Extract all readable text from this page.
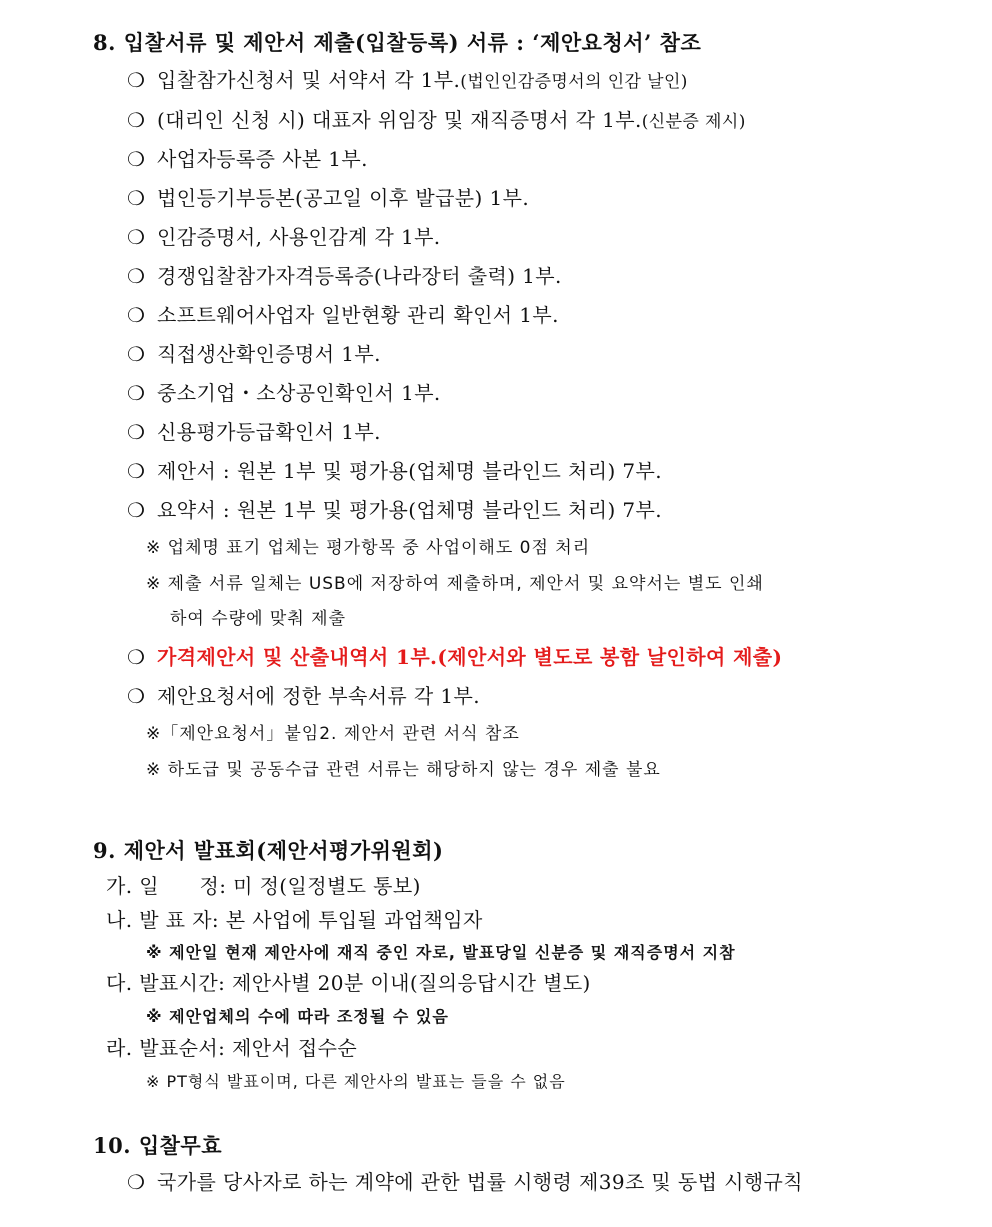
8. 입찰서류 및 제안서 제출(입찰등록) 서류 : ‘제안요청서’ 참조
❍ 입찰참가신청서 및 서약서 각 1부.(법인인감증명서의 인감 날인)
❍ (대리인 신청 시) 대표자 위임장 및 재직증명서 각 1부.(신분증 제시)
❍ 사업자등록증 사본 1부.
❍ 법인등기부등본(공고일 이후 발급분) 1부.
❍ 인감증명서, 사용인감계 각 1부.
❍ 경쟁입찰참가자격등록증(나라장터 출력) 1부.
❍ 소프트웨어사업자 일반현황 관리 확인서 1부.
❍ 직접생산확인증명서 1부.
❍ 중소기업・소상공인확인서 1부.
❍ 신용평가등급확인서 1부.
❍ 제안서 : 원본 1부 및 평가용(업체명 블라인드 처리) 7부.
❍ 요약서 : 원본 1부 및 평가용(업체명 블라인드 처리) 7부.
※ 업체명 표기 업체는 평가항목 중 사업이해도 0점 처리
※ 제출 서류 일체는 USB에 저장하여 제출하며, 제안서 및 요약서는 별도 인쇄
하여 수량에 맞춰 제출
❍ 가격제안서 및 산출내역서 1부.(제안서와 별도로 봉함 날인하여 제출)
❍ 제안요청서에 정한 부속서류 각 1부.
※「제안요청서」붙임2. 제안서 관련 서식 참조
※ 하도급 및 공동수급 관련 서류는 해당하지 않는 경우 제출 불요
9. 제안서 발표회(제안서평가위원회)
가. 일      정: 미 정(일정별도 통보)
나. 발 표 자: 본 사업에 투입될 과업책임자
※ 제안일 현재 제안사에 재직 중인 자로, 발표당일 신분증 및 재직증명서 지참
다. 발표시간: 제안사별 20분 이내(질의응답시간 별도)
※ 제안업체의 수에 따라 조정될 수 있음
라. 발표순서: 제안서 접수순
※ PT형식 발표이며, 다른 제안사의 발표는 들을 수 없음
10. 입찰무효
❍ 국가를 당사자로 하는 계약에 관한 법률 시행령 제39조 및 동법 시행규칙
